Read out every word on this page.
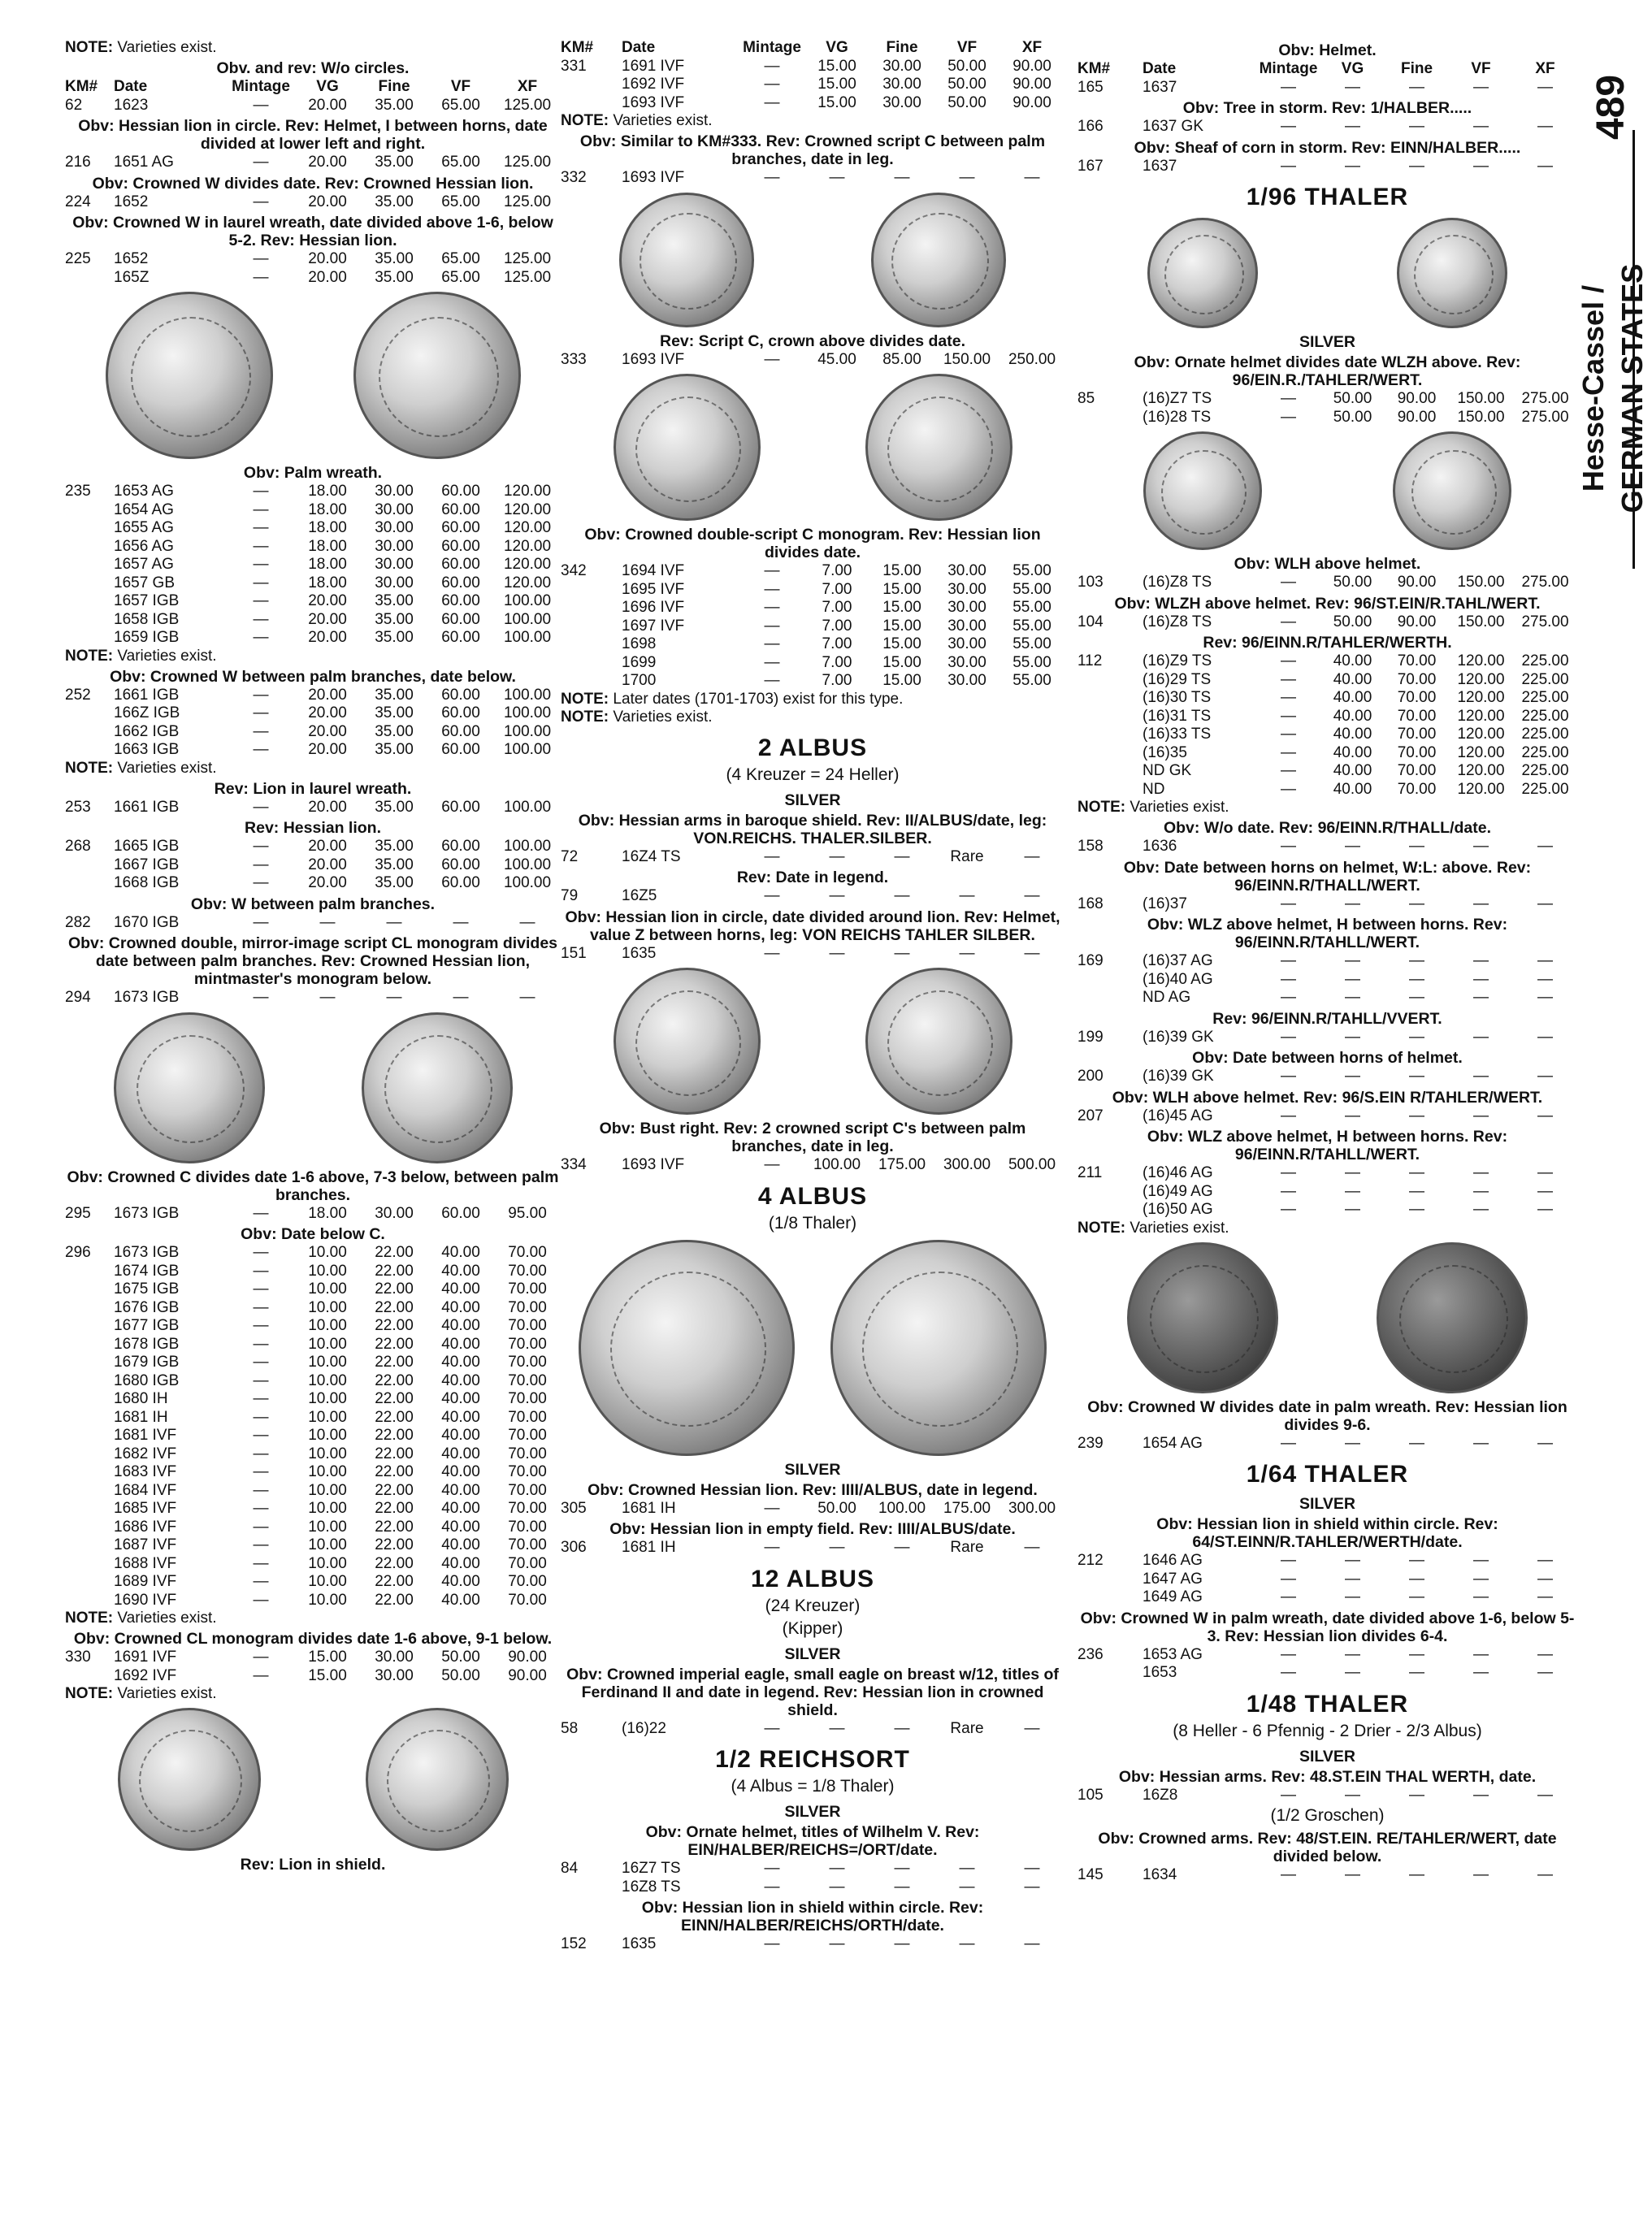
489
Hesse-Cassel / GERMAN STATES
NOTE: Varieties exist.
Obv. and rev: W/o circles.
KM#	Date	Mintage	VG	Fine	VF	XF
62	1623	—	20.00	35.00	65.00	125.00
Obv: Hessian lion in circle. Rev: Helmet, I between horns, date divided at lower left and right.
216	1651 AG	—	20.00	35.00	65.00	125.00
Obv: Crowned W divides date. Rev: Crowned Hessian lion.
224	1652	—	20.00	35.00	65.00	125.00
Obv: Crowned W in laurel wreath, date divided above 1-6, below 5-2. Rev: Hessian lion.
225	1652	—	20.00	35.00	65.00	125.00
165Z	—	20.00	35.00	65.00	125.00
Obv: Palm wreath.
235	1653 AG	—	18.00	30.00	60.00	120.00
1654 AG	—	18.00	30.00	60.00	120.00
1655 AG	—	18.00	30.00	60.00	120.00
1656 AG	—	18.00	30.00	60.00	120.00
1657 AG	—	18.00	30.00	60.00	120.00
1657 GB	—	18.00	30.00	60.00	120.00
1657 IGB	—	20.00	35.00	60.00	100.00
1658 IGB	—	20.00	35.00	60.00	100.00
1659 IGB	—	20.00	35.00	60.00	100.00
NOTE: Varieties exist.
Obv: Crowned W between palm branches, date below.
252	1661 IGB	—	20.00	35.00	60.00	100.00
166Z IGB	—	20.00	35.00	60.00	100.00
1662 IGB	—	20.00	35.00	60.00	100.00
1663 IGB	—	20.00	35.00	60.00	100.00
NOTE: Varieties exist.
Rev: Lion in laurel wreath.
253	1661 IGB	—	20.00	35.00	60.00	100.00
Rev: Hessian lion.
268	1665 IGB	—	20.00	35.00	60.00	100.00
1667 IGB	—	20.00	35.00	60.00	100.00
1668 IGB	—	20.00	35.00	60.00	100.00
Obv: W between palm branches.
282	1670 IGB	—	—	—	—	—
Obv: Crowned double, mirror-image script CL monogram divides date between palm branches. Rev: Crowned Hessian lion, mintmaster's monogram below.
294	1673 IGB	—	—	—	—	—
Obv: Crowned C divides date 1-6 above, 7-3 below, between palm branches.
295	1673 IGB	—	18.00	30.00	60.00	95.00
Obv: Date below C.
296	1673 IGB	—	10.00	22.00	40.00	70.00
1674 IGB	—	10.00	22.00	40.00	70.00
1675 IGB	—	10.00	22.00	40.00	70.00
1676 IGB	—	10.00	22.00	40.00	70.00
1677 IGB	—	10.00	22.00	40.00	70.00
1678 IGB	—	10.00	22.00	40.00	70.00
1679 IGB	—	10.00	22.00	40.00	70.00
1680 IGB	—	10.00	22.00	40.00	70.00
1680 IH	—	10.00	22.00	40.00	70.00
1681 IH	—	10.00	22.00	40.00	70.00
1681 IVF	—	10.00	22.00	40.00	70.00
1682 IVF	—	10.00	22.00	40.00	70.00
1683 IVF	—	10.00	22.00	40.00	70.00
1684 IVF	—	10.00	22.00	40.00	70.00
1685 IVF	—	10.00	22.00	40.00	70.00
1686 IVF	—	10.00	22.00	40.00	70.00
1687 IVF	—	10.00	22.00	40.00	70.00
1688 IVF	—	10.00	22.00	40.00	70.00
1689 IVF	—	10.00	22.00	40.00	70.00
1690 IVF	—	10.00	22.00	40.00	70.00
NOTE: Varieties exist.
Obv: Crowned CL monogram divides date 1-6 above, 9-1 below.
330	1691 IVF	—	15.00	30.00	50.00	90.00
1692 IVF	—	15.00	30.00	50.00	90.00
NOTE: Varieties exist.
Rev: Lion in shield.
KM#	Date	Mintage	VG	Fine	VF	XF
331	1691 IVF	—	15.00	30.00	50.00	90.00
1692 IVF	—	15.00	30.00	50.00	90.00
1693 IVF	—	15.00	30.00	50.00	90.00
NOTE: Varieties exist.
Obv: Similar to KM#333. Rev: Crowned script C between palm branches, date in leg.
332	1693 IVF	—	—	—	—	—
Rev: Script C, crown above divides date.
333	1693 IVF	—	45.00	85.00	150.00	250.00
Obv: Crowned double-script C monogram. Rev: Hessian lion divides date.
342	1694 IVF	—	7.00	15.00	30.00	55.00
1695 IVF	—	7.00	15.00	30.00	55.00
1696 IVF	—	7.00	15.00	30.00	55.00
1697 IVF	—	7.00	15.00	30.00	55.00
1698	—	7.00	15.00	30.00	55.00
1699	—	7.00	15.00	30.00	55.00
1700	—	7.00	15.00	30.00	55.00
NOTE: Later dates (1701-1703) exist for this type.
NOTE: Varieties exist.
2 ALBUS
(4 Kreuzer = 24 Heller)
SILVER
Obv: Hessian arms in baroque shield. Rev: II/ALBUS/date, leg: VON.REICHS. THALER.SILBER.
72	16Z4 TS	—	—	—	Rare	—
Rev: Date in legend.
79	16Z5	—	—	—	—	—
Obv: Hessian lion in circle, date divided around lion. Rev: Helmet, value Z between horns, leg: VON REICHS TAHLER SILBER.
151	1635	—	—	—	—	—
Obv: Bust right. Rev: 2 crowned script C's between palm branches, date in leg.
334	1693 IVF	—	100.00	175.00	300.00	500.00
4 ALBUS
(1/8 Thaler)
SILVER
Obv: Crowned Hessian lion. Rev: IIII/ALBUS, date in legend.
305	1681 IH	—	50.00	100.00	175.00	300.00
Obv: Hessian lion in empty field. Rev: IIII/ALBUS/date.
306	1681 IH	—	—	—	Rare	—
12 ALBUS
(24 Kreuzer)
(Kipper)
SILVER
Obv: Crowned imperial eagle, small eagle on breast w/12, titles of Ferdinand II and date in legend. Rev: Hessian lion in crowned shield.
58	(16)22	—	—	—	Rare	—
1/2 REICHSORT
(4 Albus = 1/8 Thaler)
SILVER
Obv: Ornate helmet, titles of Wilhelm V. Rev: EIN/HALBER/REICHS=/ORT/date.
84	16Z7 TS	—	—	—	—	—
16Z8 TS	—	—	—	—	—
Obv: Hessian lion in shield within circle. Rev: EINN/HALBER/REICHS/ORTH/date.
152	1635	—	—	—	—	—
Obv: Helmet.
KM#	Date	Mintage	VG	Fine	VF	XF
165	1637	—	—	—	—	—
Obv: Tree in storm. Rev: 1/HALBER.....
166	1637 GK	—	—	—	—	—
Obv: Sheaf of corn in storm. Rev: EINN/HALBER.....
167	1637	—	—	—	—	—
1/96 THALER
SILVER
Obv: Ornate helmet divides date WLZH above. Rev: 96/EIN.R./TAHLER/WERT.
85	(16)Z7 TS	—	50.00	90.00	150.00	275.00
(16)28 TS	—	50.00	90.00	150.00	275.00
Obv: WLH above helmet.
103	(16)Z8 TS	—	50.00	90.00	150.00	275.00
Obv: WLZH above helmet. Rev: 96/ST.EIN/R.TAHL/WERT.
104	(16)Z8 TS	—	50.00	90.00	150.00	275.00
Rev: 96/EINN.R/TAHLER/WERTH.
112	(16)Z9 TS	—	40.00	70.00	120.00	225.00
(16)29 TS	—	40.00	70.00	120.00	225.00
(16)30 TS	—	40.00	70.00	120.00	225.00
(16)31 TS	—	40.00	70.00	120.00	225.00
(16)33 TS	—	40.00	70.00	120.00	225.00
(16)35	—	40.00	70.00	120.00	225.00
ND GK	—	40.00	70.00	120.00	225.00
ND	—	40.00	70.00	120.00	225.00
NOTE: Varieties exist.
Obv: W/o date. Rev: 96/EINN.R/THALL/date.
158	1636	—	—	—	—	—
Obv: Date between horns on helmet, W:L: above. Rev: 96/EINN.R/THALL/WERT.
168	(16)37	—	—	—	—	—
Obv: WLZ above helmet, H between horns. Rev: 96/EINN.R/TAHLL/WERT.
169	(16)37 AG	—	—	—	—	—
(16)40 AG	—	—	—	—	—
ND AG	—	—	—	—	—
Rev: 96/EINN.R/TAHLL/VVERT.
199	(16)39 GK	—	—	—	—	—
Obv: Date between horns of helmet.
200	(16)39 GK	—	—	—	—	—
Obv: WLH above helmet. Rev: 96/S.EIN R/TAHLER/WERT.
207	(16)45 AG	—	—	—	—	—
Obv: WLZ above helmet, H between horns. Rev: 96/EINN.R/TAHLL/WERT.
211	(16)46 AG	—	—	—	—	—
(16)49 AG	—	—	—	—	—
(16)50 AG	—	—	—	—	—
NOTE: Varieties exist.
Obv: Crowned W divides date in palm wreath. Rev: Hessian lion divides 9-6.
239	1654 AG	—	—	—	—	—
1/64 THALER
SILVER
Obv: Hessian lion in shield within circle. Rev: 64/ST.EINN/R.TAHLER/WERTH/date.
212	1646 AG	—	—	—	—	—
1647 AG	—	—	—	—	—
1649 AG	—	—	—	—	—
Obv: Crowned W in palm wreath, date divided above 1-6, below 5-3. Rev: Hessian lion divides 6-4.
236	1653 AG	—	—	—	—	—
1653	—	—	—	—	—
1/48 THALER
(8 Heller - 6 Pfennig - 2 Drier - 2/3 Albus)
SILVER
Obv: Hessian arms. Rev: 48.ST.EIN THAL WERTH, date.
105	16Z8	—	—	—	—	—
(1/2 Groschen)
Obv: Crowned arms. Rev: 48/ST.EIN. RE/TAHLER/WERT, date divided below.
145	1634	—	—	—	—	—
